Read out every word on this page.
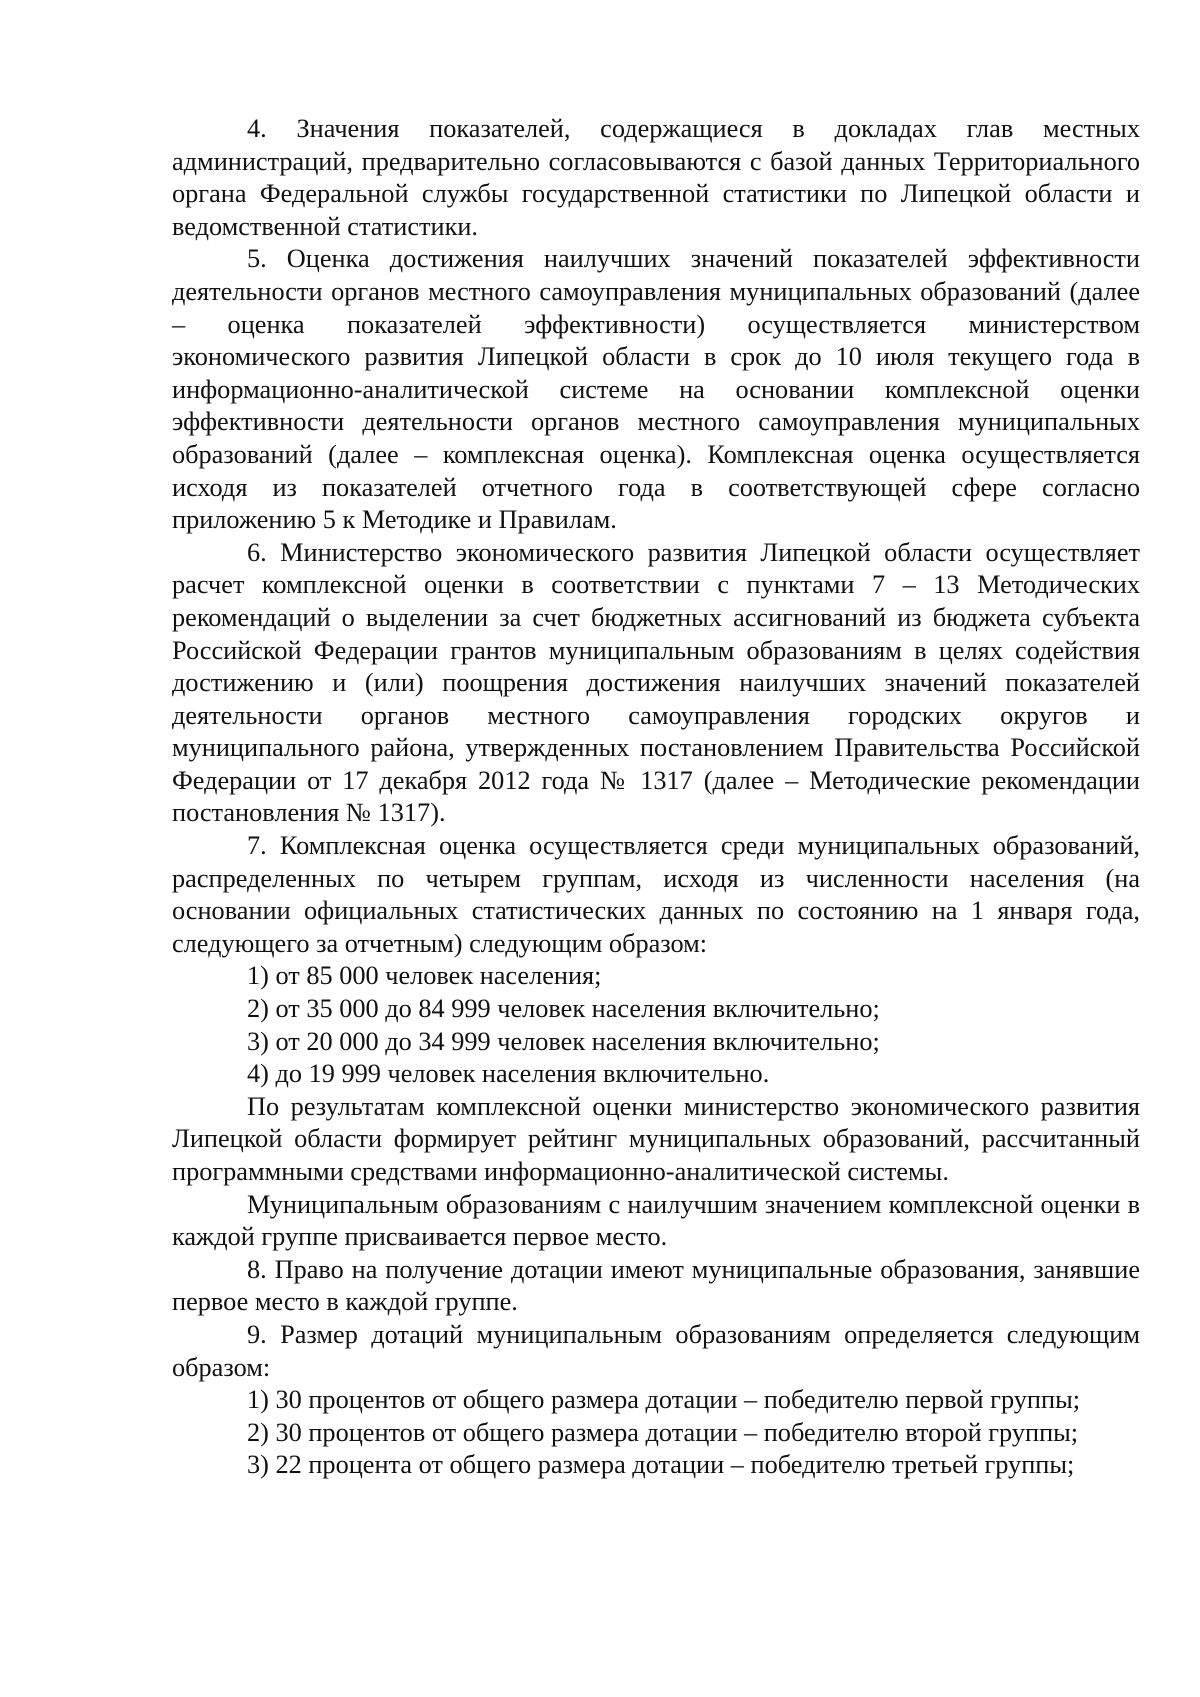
4. Значения показателей, содержащиеся в докладах глав местных администраций, предварительно согласовываются с базой данных Территориального органа Федеральной службы государственной статистики по Липецкой области и ведомственной статистики.

5. Оценка достижения наилучших значений показателей эффективности деятельности органов местного самоуправления муниципальных образований (далее – оценка показателей эффективности) осуществляется министерством экономического развития Липецкой области в срок до 10 июля текущего года в информационно-аналитической системе на основании комплексной оценки эффективности деятельности органов местного самоуправления муниципальных образований (далее – комплексная оценка). Комплексная оценка осуществляется исходя из показателей отчетного года в соответствующей сфере согласно приложению 5 к Методике и Правилам.

6. Министерство экономического развития Липецкой области осуществляет расчет комплексной оценки в соответствии с пунктами 7 – 13 Методических рекомендаций о выделении за счет бюджетных ассигнований из бюджета субъекта Российской Федерации грантов муниципальным образованиям в целях содействия достижению и (или) поощрения достижения наилучших значений показателей деятельности органов местного самоуправления городских округов и муниципального района, утвержденных постановлением Правительства Российской Федерации от 17 декабря 2012 года № 1317 (далее – Методические рекомендации постановления № 1317).

7. Комплексная оценка осуществляется среди муниципальных образований, распределенных по четырем группам, исходя из численности населения (на основании официальных статистических данных по состоянию на 1 января года, следующего за отчетным) следующим образом:

1) от 85 000 человек населения;

2) от 35 000 до 84 999 человек населения включительно;

3) от 20 000 до 34 999 человек населения включительно;

4) до 19 999 человек населения включительно.

По результатам комплексной оценки министерство экономического развития Липецкой области формирует рейтинг муниципальных образований, рассчитанный программными средствами информационно-аналитической системы.

Муниципальным образованиям с наилучшим значением комплексной оценки в каждой группе присваивается первое место.

8. Право на получение дотации имеют муниципальные образования, занявшие первое место в каждой группе.

9. Размер дотаций муниципальным образованиям определяется следующим образом:

1) 30 процентов от общего размера дотации – победителю первой группы;

2) 30 процентов от общего размера дотации – победителю второй группы;

3) 22 процента от общего размера дотации – победителю третьей группы;
